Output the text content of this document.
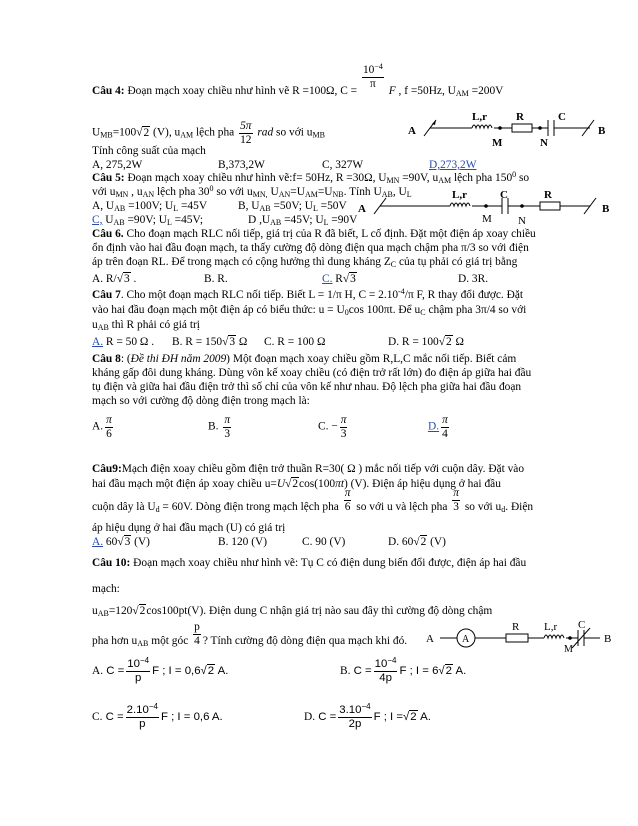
Câu 4: Đoạn mạch xoay chiều như hình vẽ R =100Ω, C =
$\frac{10^{-4}}{\pi}$
F , f =50Hz, $U_{AM} =200V$
$U_{MB}=100√2$ (V), $u_{AM}$ lệch pha $\frac{5\pi}{12}$ rad so với $u_{MB}$
Tính công suất của mạch
A, 275,2W	B,373,2W	C, 327W	D,273,2W
A
L,r	R	C
B
M	N
Câu 5: Đoạn mạch xoay chiều như hình vẽ:f= 50Hz, R =30Ω, $U_{MN} =90V$, $u_{AM}$ lệch pha $150^0$ so
với $u_{MN}$ , $u_{AN}$ lệch pha $30^0$ so với $u_{MN,}$ $U_{AN}=U_{AM}=U_{NB}$. Tính $U_{AB}$, $U_L$
A, $U_{AB} =100V$; $U_L =45V$	B, $U_{AB} =50V$; $U_L =50V$
C, $U_{AB} =90V$; $U_L =45V$;	D $,U_{AB} =45V$; $U_L =90V$
A
L,r	C	R
B
M N
Câu 6. Cho đoạn mạch RLC nối tiếp, giá trị của R đã biết, L cố định. Đặt một điện áp xoay chiều
ổn định vào hai đầu đoạn mạch, ta thấy cường độ dòng điện qua mạch chậm pha π/3 so với điện
áp trên đoạn RL. Để trong mạch có cộng hưởng thì dung kháng $Z_C$ của tụ phải có giá trị bằng
A. R/√3 .	B. R.	C. R√3	D. 3R.
Câu 7. Cho một đoạn mạch RLC nối tiếp. Biết L = 1/π H, $C = 2.10^{-4}/\pi$ F, R thay đổi được. Đặt
vào hai đầu đoạn mạch một điện áp có biểu thức: $u = U_0\cos$ 100πt. Để $u_C$ chậm pha 3π/4 so với
$u_{AB}$ thì R phải có giá trị
A. R = 50 Ω . B. R = 150√3 Ω C. R = 100 Ω	D. R = 100√2 Ω
Câu 8: (Đề thi ĐH năm 2009) Một đoạn mạch xoay chiều gồm R,L,C mắc nối tiếp. Biết cảm
kháng gấp đôi dung kháng. Dùng vôn kế xoay chiều (có điện trở rất lớn) đo điện áp giữa hai đầu
tụ điện và giữa hai đầu điện trở thì số chỉ của vôn kế như nhau. Độ lệch pha giữa hai đầu đoạn
mạch so với cường độ dòng điện trong mạch là:
A. $\frac{\pi}{6}$	B. $\frac{\pi}{3}$	C. − $\frac{\pi}{3}$	D. $\frac{\pi}{4}$
Câu9:Mạch điện xoay chiều gồm điện trở thuần R=30( Ω ) mắc nối tiếp với cuộn dây. Đặt vào
hai đầu mạch một điện áp xoay chiều u=U√2cos(100πt) (V). Điện áp hiệu dụng ở hai đầu
cuộn dây là $U_d = 60V$. Dòng điện trong mạch lệch pha $\frac{\pi}{6}$ so với u và lệch pha $\frac{\pi}{3}$ so với $u_d$. Điện
áp hiệu dụng ở hai đầu mạch (U) có giá trị
A. 60√3 (V)	B. 120 (V)	C. 90 (V)	D. 60√2 (V)
Câu 10: Đoạn mạch xoay chiều như hình vẽ: Tụ C có điện dung biến đổi được, điện áp hai đầu
mạch:
$u_{AB}=120√2\cos 100pt(V)$. Điện dung C nhận giá trị nào sau đây thì cường độ dòng chậm
pha hơn $u_{AB}$ một góc $\frac{p}{4}$ ? Tính cường độ dòng điện qua mạch khi đó. A	A
R L,r C
B
M
A. $C = \frac{10^{-4}}{p}$ F ; I = 0,6√2 A.	B. $C = \frac{10^{-4}}{4p}$ F ; I = 6√2 A.
C. $C = \frac{2.10^{-4}}{p}$ F ; I = 0,6 A.	D. $C = \frac{3.10^{-4}}{2p}$ F ; I =√2 A.
